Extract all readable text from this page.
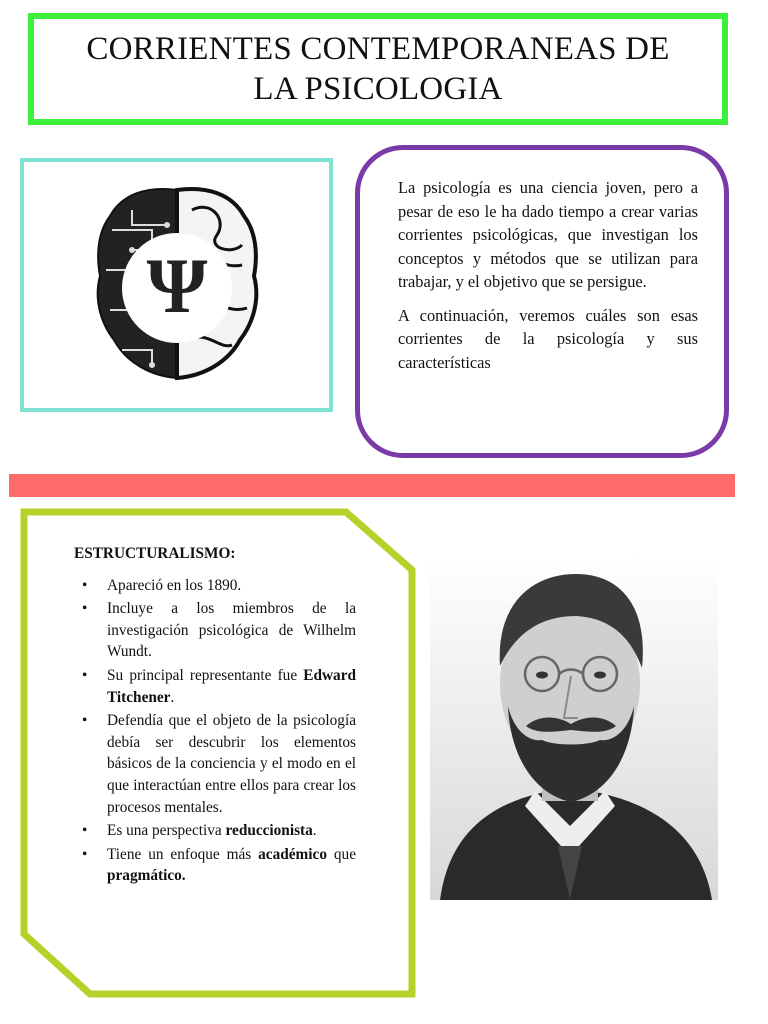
CORRIENTES CONTEMPORANEAS DE
LA PSICOLOGIA
Ψ

La psicología es una ciencia joven, pero a pesar de eso le ha dado tiempo a crear varias corrientes psicológicas, que investigan los conceptos y métodos que se utilizan para trabajar, y el objetivo que se persigue.

A continuación, veremos cuáles son esas corrientes de la psicología y sus características

ESTRUCTURALISMO:
• Apareció en los 1890.
• Incluye a los miembros de la investigación psicológica de Wilhelm Wundt.
• Su principal representante fue Edward Titchener.
• Defendía que el objeto de la psicología debía ser descubrir los elementos básicos de la conciencia y el modo en el que interactúan entre ellos para crear los procesos mentales.
• Es una perspectiva reduccionista.
• Tiene un enfoque más académico que pragmático.
